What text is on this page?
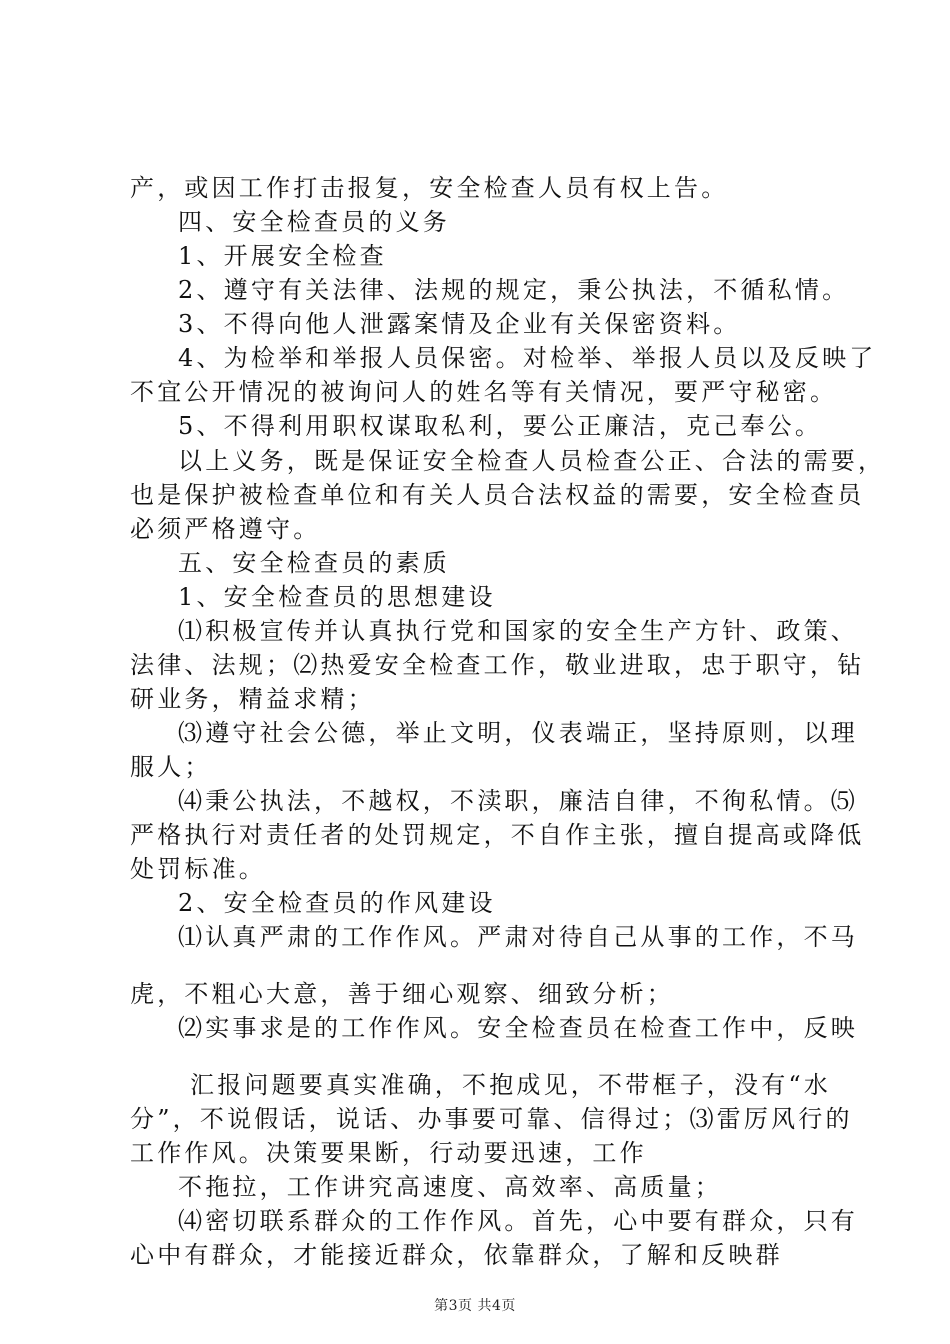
产，或因工作打击报复，安全检查人员有权上告。
四、安全检查员的义务
1、开展安全检查
2、遵守有关法律、法规的规定，秉公执法，不循私情。
3、不得向他人泄露案情及企业有关保密资料。
4、为检举和举报人员保密。对检举、举报人员以及反映了
不宜公开情况的被询问人的姓名等有关情况，要严守秘密。
5、不得利用职权谋取私利，要公正廉洁，克己奉公。
以上义务，既是保证安全检查人员检查公正、合法的需要，
也是保护被检查单位和有关人员合法权益的需要，安全检查员
必须严格遵守。
五、安全检查员的素质
1、安全检查员的思想建设
⑴积极宣传并认真执行党和国家的安全生产方针、政策、
法律、法规；⑵热爱安全检查工作，敬业进取，忠于职守，钻
研业务，精益求精；
⑶遵守社会公德，举止文明，仪表端正，坚持原则，以理
服人；
⑷秉公执法，不越权，不渎职，廉洁自律，不徇私情。⑸
严格执行对责任者的处罚规定，不自作主张，擅自提高或降低
处罚标准。
2、安全检查员的作风建设
⑴认真严肃的工作作风。严肃对待自己从事的工作，不马
虎，不粗心大意，善于细心观察、细致分析；
⑵实事求是的工作作风。安全检查员在检查工作中，反映
汇报问题要真实准确，不抱成见，不带框子，没有“水
分”，不说假话，说话、办事要可靠、信得过；⑶雷厉风行的
工作作风。决策要果断，行动要迅速，工作
不拖拉，工作讲究高速度、高效率、高质量；
⑷密切联系群众的工作作风。首先，心中要有群众，只有
心中有群众，才能接近群众，依靠群众，了解和反映群
第3页 共4页
